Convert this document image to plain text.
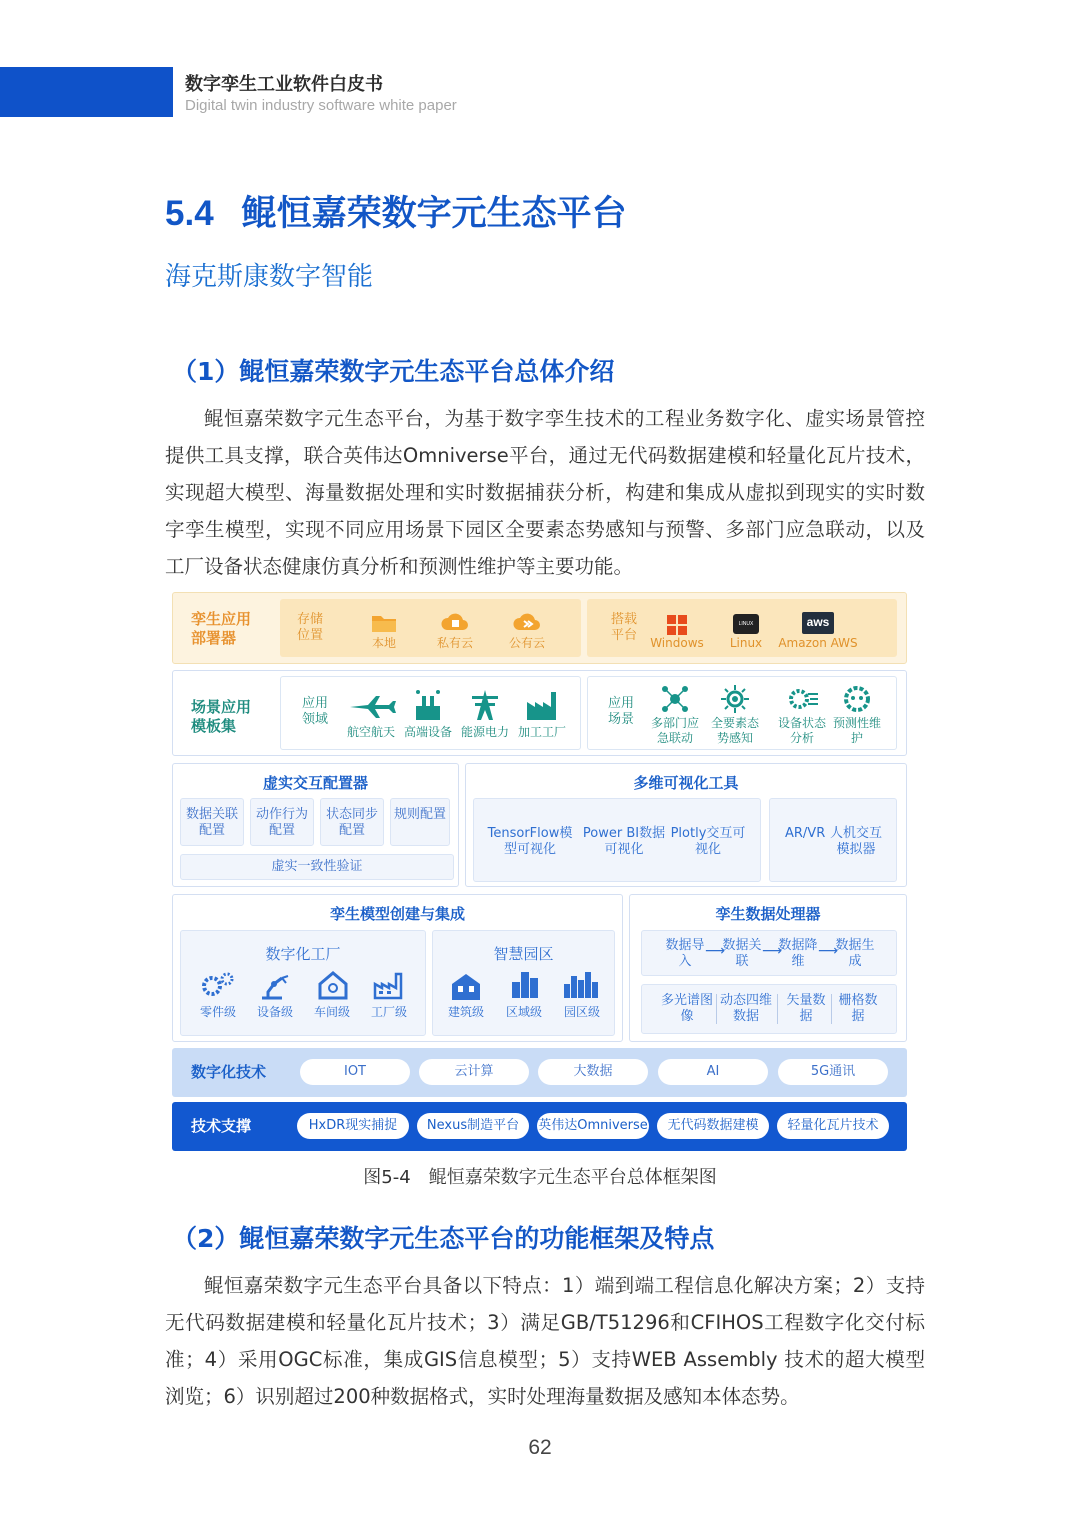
数字孪生工业软件白皮书
Digital twin industry software white paper
5.4 鲲恒嘉荣数字元生态平台
海克斯康数字智能
（1）鲲恒嘉荣数字元生态平台总体介绍

鲲恒嘉荣数字元生态平台，为基于数字孪生技术的工程业务数字化、虚实场景管控提供工具支撑，联合英伟达Omniverse平台，通过无代码数据建模和轻量化瓦片技术，实现超大模型、海量数据处理和实时数据捕获分析，构建和集成从虚拟到现实的实时数字孪生模型，实现不同应用场景下园区全要素态势感知与预警、多部门应急联动，以及工厂设备状态健康仿真分析和预测性维护等主要功能。

孪生应用部署器
存储位置	本地	私有云	公有云
搭载平台	Windows
LINUX
Linux
aws
Amazon AWS
场景应用模板集
应用领域
航空航天 高端设备 能源电力 加工工厂
应用场景	多部门应急联动
全要素态势感知
设备状态分析
预测性维护
虚实交互配置器
数据关联配置
动作行为配置
状态同步配置
规则配置
虚实一致性验证
多维可视化工具
TensorFlow模型可视化
Power BI数据可视化
Plotly交互可视化
AR/VR 人机交互模拟器
孪生模型创建与集成
数字化工厂
零件级	设备级	车间级	工厂级
智慧园区
建筑级	区域级	园区级
孪生数据处理器
数据导入
⟶
数据关联
⟶
数据降维
⟶
数据生成
多光谱图像
动态四维数据
矢量数据
栅格数据
数字化技术	IOT	云计算	大数据	AI	5G通讯
技术支撑	HxDR现实捕捉	Nexus制造平台	英伟达Omniverse	无代码数据建模	轻量化瓦片技术
图5-4　鲲恒嘉荣数字元生态平台总体框架图
（2）鲲恒嘉荣数字元生态平台的功能框架及特点

鲲恒嘉荣数字元生态平台具备以下特点：1）端到端工程信息化解决方案；2）支持无代码数据建模和轻量化瓦片技术；3）满足GB/T51296和CFIHOS工程数字化交付标准；4）采用OGC标准，集成GIS信息模型；5）支持WEB Assembly 技术的超大模型浏览；6）识别超过200种数据格式，实时处理海量数据及感知本体态势。

62
